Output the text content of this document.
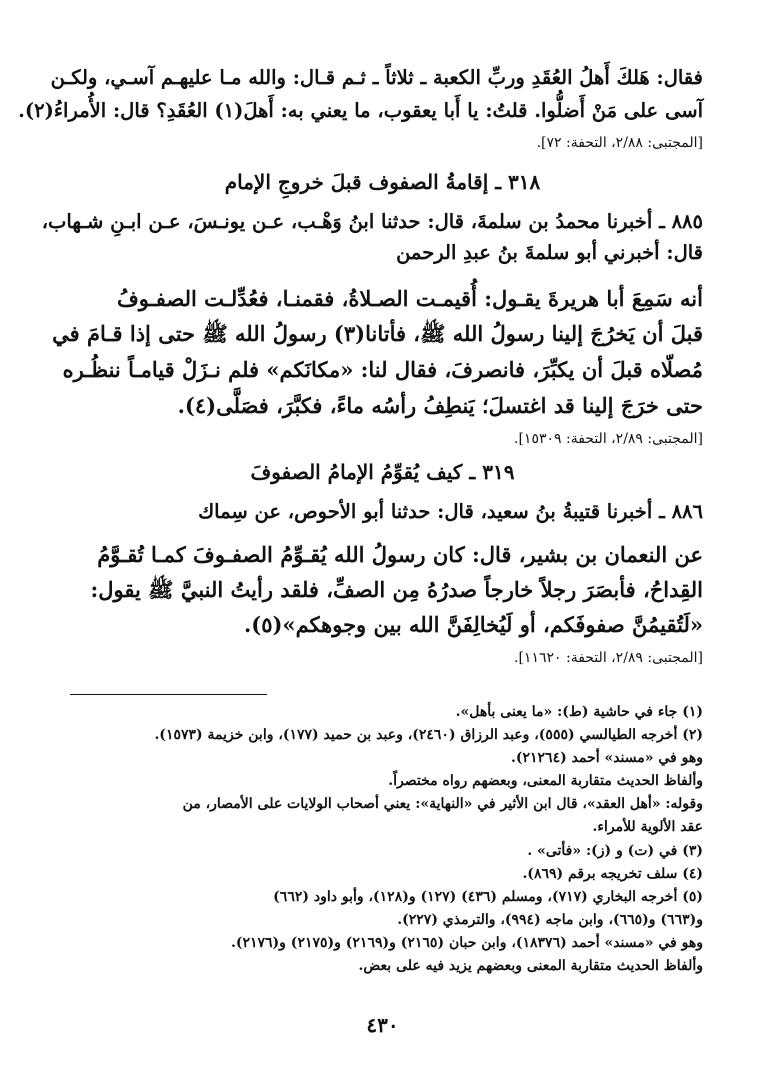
فقال: هَلكَ أَهلُ العُقَدِ وربِّ الكعبة ـ ثلاثاً ـ ثـم قـال: والله مـا عليهـم آسـي، ولكـن

آسى على مَنْ أَضلُّوا. قلتُ: يا أَبا يعقوب، ما يعني به: أَهلَ(١) العُقَدِ؟ قال: الأُمراءُ(٢).

[المجتبى: ٢/٨٨، التحفة: ٧٢].

٣١٨ ـ إقامةُ الصفوف قبلَ خروجِ الإمام

٨٨٥ ـ أخبرنا محمدُ بن سلمةَ، قال: حدثنا ابنُ وَهْـب، عـن يونـسَ، عـن ابـنِ شـهاب،

قال: أخبرني أبو سلمةَ بنُ عبدِ الرحمن

أنه سَمِعَ أبا هريرةَ يقـول: أُقيمـت الصـلاةُ، فقمنـا، فعُدِّلـت الصفـوفُ

قبلَ أن يَخرُجَ إلينا رسولُ الله ﷺ، فأتانا(٣) رسولُ الله ﷺ حتى إذا قـامَ في

مُصلّاه قبلَ أن يكبِّرَ، فانصرفَ، فقال لنا: «مكانَكم» فلم نـزَلْ قيامـاً ننظُـره

حتى خرَجَ إلينا قد اغتسلَ؛ يَنطِفُ رأسُه ماءً، فكبَّرَ، فصَلَّى(٤).

[المجتبى: ٢/٨٩، التحفة: ١٥٣٠٩].

٣١٩ ـ كيف يُقوِّمُ الإمامُ الصفوفَ

٨٨٦ ـ أخبرنا قتيبةُ بنُ سعيد، قال: حدثنا أبو الأحوص، عن سِماك

عن النعمان بن بشير، قال: كان رسولُ الله يُقـوِّمُ الصفـوفَ كمـا تُقـوَّمُ

القِداحُ، فأبصَرَ رجلاً خارجاً صدرُهُ مِن الصفِّ، فلقد رأيتُ النبيَّ ﷺ يقول:

«لَتُقيمُنَّ صفوفَكم، أو لَيُخالِفَنَّ الله بين وجوهكم»(٥).

[المجتبى: ٢/٨٩، التحفة: ١١٦٢٠].

(١) جاء في حاشية (ط): «ما يعنى بأهل».

(٢) أخرجه الطيالسي (٥٥٥)، وعبد الرزاق (٢٤٦٠)، وعبد بن حميد (١٧٧)، وابن خزيمة (١٥٧٣).

وهو في «مسند» أحمد (٢١٢٦٤).

وألفاظ الحديث متقاربة المعنى، وبعضهم رواه مختصراً.

وقوله: «أهل العقد»، قال ابن الأثير في «النهاية»: يعني أصحاب الولايات على الأمصار، من

عقد الألوية للأمراء.

(٣) في (ت) و (ز): «فأتى» .

(٤) سلف تخريجه برقم (٨٦٩).

(٥) أخرجه البخاري (٧١٧)، ومسلم (٤٣٦) (١٢٧) و(١٢٨)، وأبو داود (٦٦٢)

و(٦٦٣) و(٦٦٥)، وابن ماجه (٩٩٤)، والترمذي (٢٢٧).

وهو في «مسند» أحمد (١٨٣٧٦)، وابن حبان (٢١٦٥) و(٢١٦٩) و(٢١٧٥) و(٢١٧٦).

وألفاظ الحديث متقاربة المعنى وبعضهم يزيد فيه على بعض.

٤٣٠
